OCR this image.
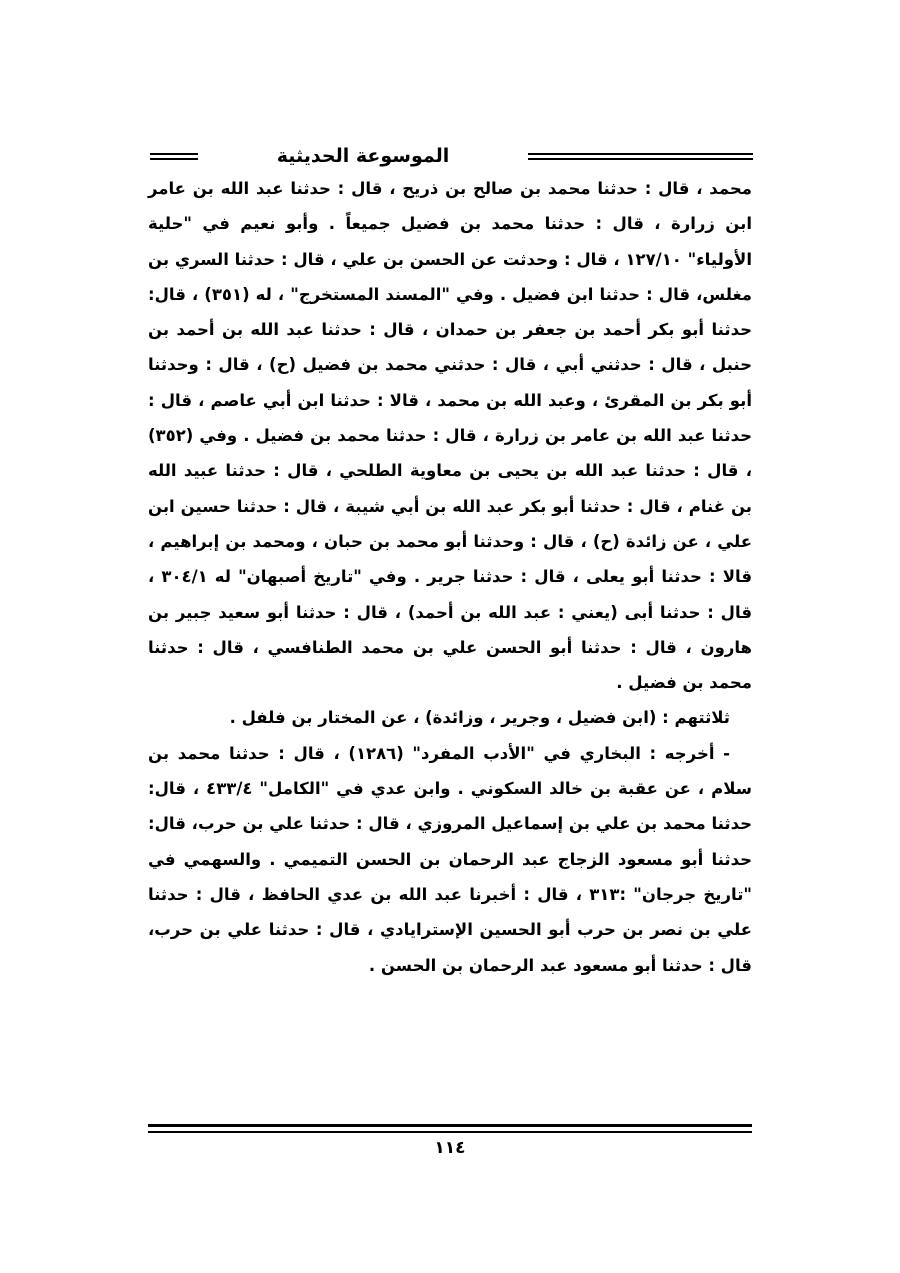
الموسوعة الحديثية

محمد ، قال : حدثنا محمد بن صالح بن ذريح ، قال : حدثنا عبد الله بن عامر ابن زرارة ، قال : حدثنا محمد بن فضيل جميعاً . وأبو نعيم في "حلية الأولياء" ١٢٧/١٠ ، قال : وحدثت عن الحسن بن علي ، قال : حدثنا السري بن مغلس، قال : حدثنا ابن فضيل . وفي "المسند المستخرج" ، له (٣٥١) ، قال: حدثنا أبو بكر أحمد بن جعفر بن حمدان ، قال : حدثنا عبد الله بن أحمد بن حنبل ، قال : حدثني أبي ، قال : حدثني محمد بن فضيل (ح) ، قال : وحدثنا أبو بكر بن المقرئ ، وعبد الله بن محمد ، قالا : حدثنا ابن أبي عاصم ، قال : حدثنا عبد الله بن عامر بن زرارة ، قال : حدثنا محمد بن فضيل . وفي (٣٥٢) ، قال : حدثنا عبد الله بن يحيى بن معاوية الطلحي ، قال : حدثنا عبيد الله بن غنام ، قال : حدثنا أبو بكر عبد الله بن أبي شيبة ، قال : حدثنا حسين ابن علي ، عن زائدة (ح) ، قال : وحدثنا أبو محمد بن حبان ، ومحمد بن إبراهيم ، قالا : حدثنا أبو يعلى ، قال : حدثنا جرير . وفي "تاريخ أصبهان" له ٣٠٤/١ ، قال : حدثنا أبى (يعني : عبد الله بن أحمد) ، قال : حدثنا أبو سعيد جبير بن هارون ، قال : حدثنا أبو الحسن علي بن محمد الطنافسي ، قال : حدثنا محمد بن فضيل .

ثلاثتهم : (ابن فضيل ، وجرير ، وزائدة) ، عن المختار بن فلفل .

- أخرجه : البخاري في "الأدب المفرد" (١٢٨٦) ، قال : حدثنا محمد بن سلام ، عن عقبة بن خالد السكوني . وابن عدي في "الكامل" ٤٣٣/٤ ، قال: حدثنا محمد بن علي بن إسماعيل المروزي ، قال : حدثنا علي بن حرب، قال: حدثنا أبو مسعود الزجاج عبد الرحمان بن الحسن التميمي . والسهمي في "تاريخ جرجان" :٣١٣ ، قال : أخبرنا عبد الله بن عدي الحافظ ، قال : حدثنا علي بن نصر بن حرب أبو الحسين الإسترايادي ، قال : حدثنا علي بن حرب، قال : حدثنا أبو مسعود عبد الرحمان بن الحسن .

١١٤
